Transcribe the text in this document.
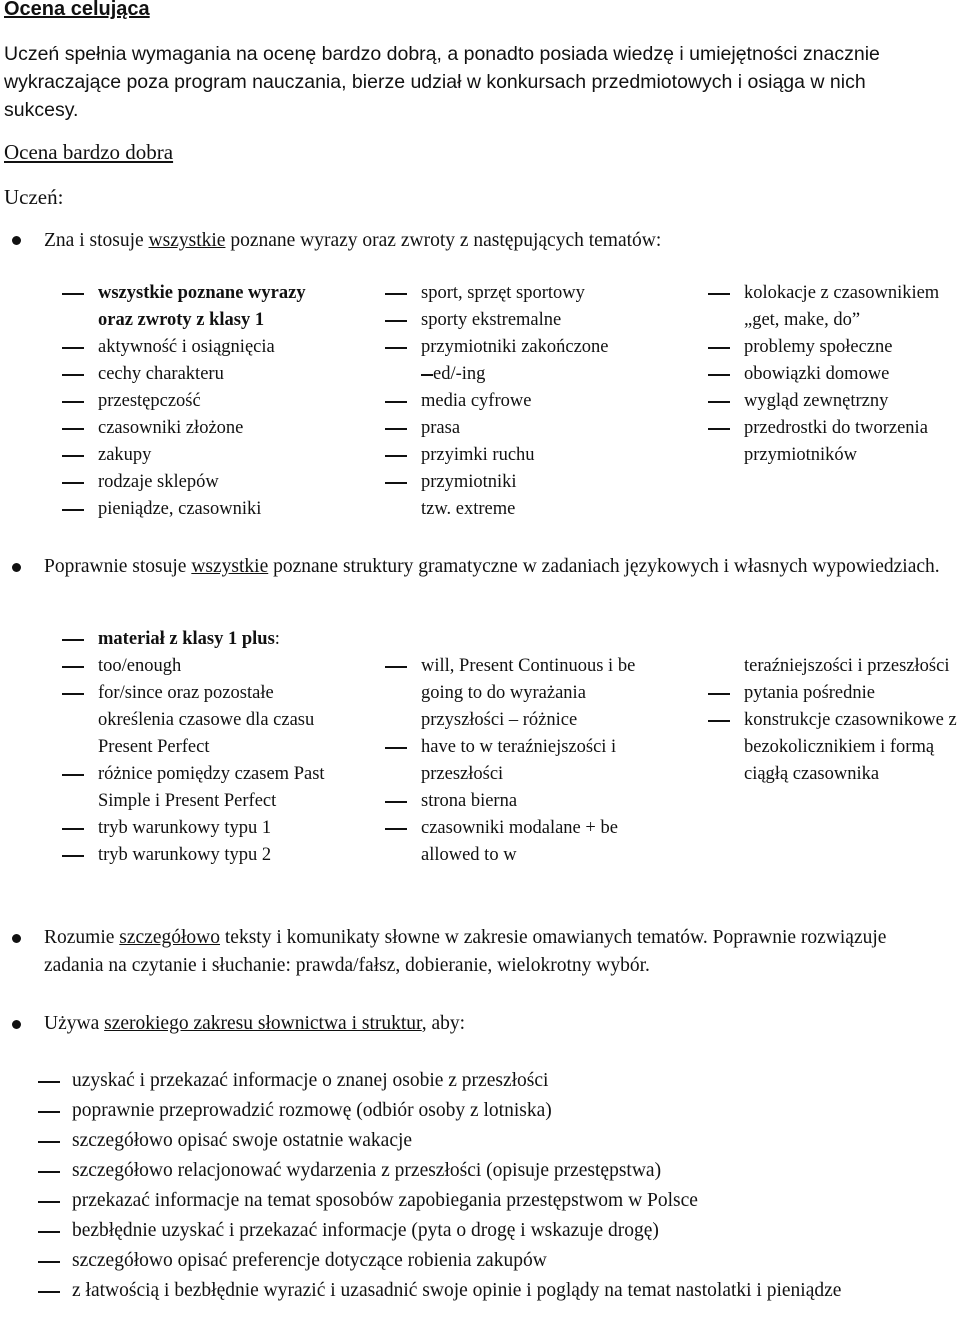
Ocena celująca
Uczeń spełnia wymagania na ocenę bardzo dobrą, a ponadto posiada wiedzę i umiejętności znacznie wykraczające poza program nauczania, bierze udział w konkursach przedmiotowych i osiąga w nich sukcesy.
Ocena bardzo dobra
Uczeń:
Zna i stosuje wszystkie poznane wyrazy oraz zwroty z następujących tematów:
wszystkie poznane wyrazy oraz zwroty z klasy 1
aktywność i osiągnięcia
cechy charakteru
przestępczość
czasowniki złożone
zakupy
rodzaje sklepów
pieniądze, czasowniki
sport, sprzęt sportowy
sporty ekstremalne
przymiotniki zakończone
ed/-ing
media cyfrowe
prasa
przyimki ruchu
przymiotniki
tzw. extreme
kolokacje z czasownikiem „get, make, do”
problemy społeczne
obowiązki domowe
wygląd zewnętrzny
przedrostki do tworzenia przymiotników
Poprawnie stosuje wszystkie poznane struktury gramatyczne w zadaniach językowych i własnych wypowiedziach.
materiał z klasy 1 plus:
too/enough
for/since oraz pozostałe określenia czasowe dla czasu Present Perfect
różnice pomiędzy czasem Past Simple i Present Perfect
tryb warunkowy typu 1
tryb warunkowy typu 2
will, Present Continuous i be going to do wyrażania przyszłości – różnice
have to w teraźniejszości i przeszłości
strona bierna
czasowniki modalane + be allowed to w
teraźniejszości i przeszłości
pytania pośrednie
konstrukcje czasownikowe z bezokolicznikiem i formą ciągłą czasownika
Rozumie szczegółowo teksty i komunikaty słowne w zakresie omawianych tematów. Poprawnie rozwiązuje zadania na czytanie i słuchanie: prawda/fałsz, dobieranie, wielokrotny wybór.
Używa szerokiego zakresu słownictwa i struktur, aby:
uzyskać i przekazać informacje o znanej osobie z przeszłości
poprawnie przeprowadzić rozmowę (odbiór osoby z lotniska)
szczegółowo opisać swoje ostatnie wakacje
szczegółowo relacjonować wydarzenia z przeszłości (opisuje przestępstwa)
przekazać informacje na temat sposobów zapobiegania przestępstwom w Polsce
bezbłędnie uzyskać i przekazać informacje (pyta o drogę i wskazuje drogę)
szczegółowo opisać preferencje dotyczące robienia zakupów
z łatwością i bezbłędnie wyrazić i uzasadnić swoje opinie i poglądy na temat nastolatki i pieniądze
